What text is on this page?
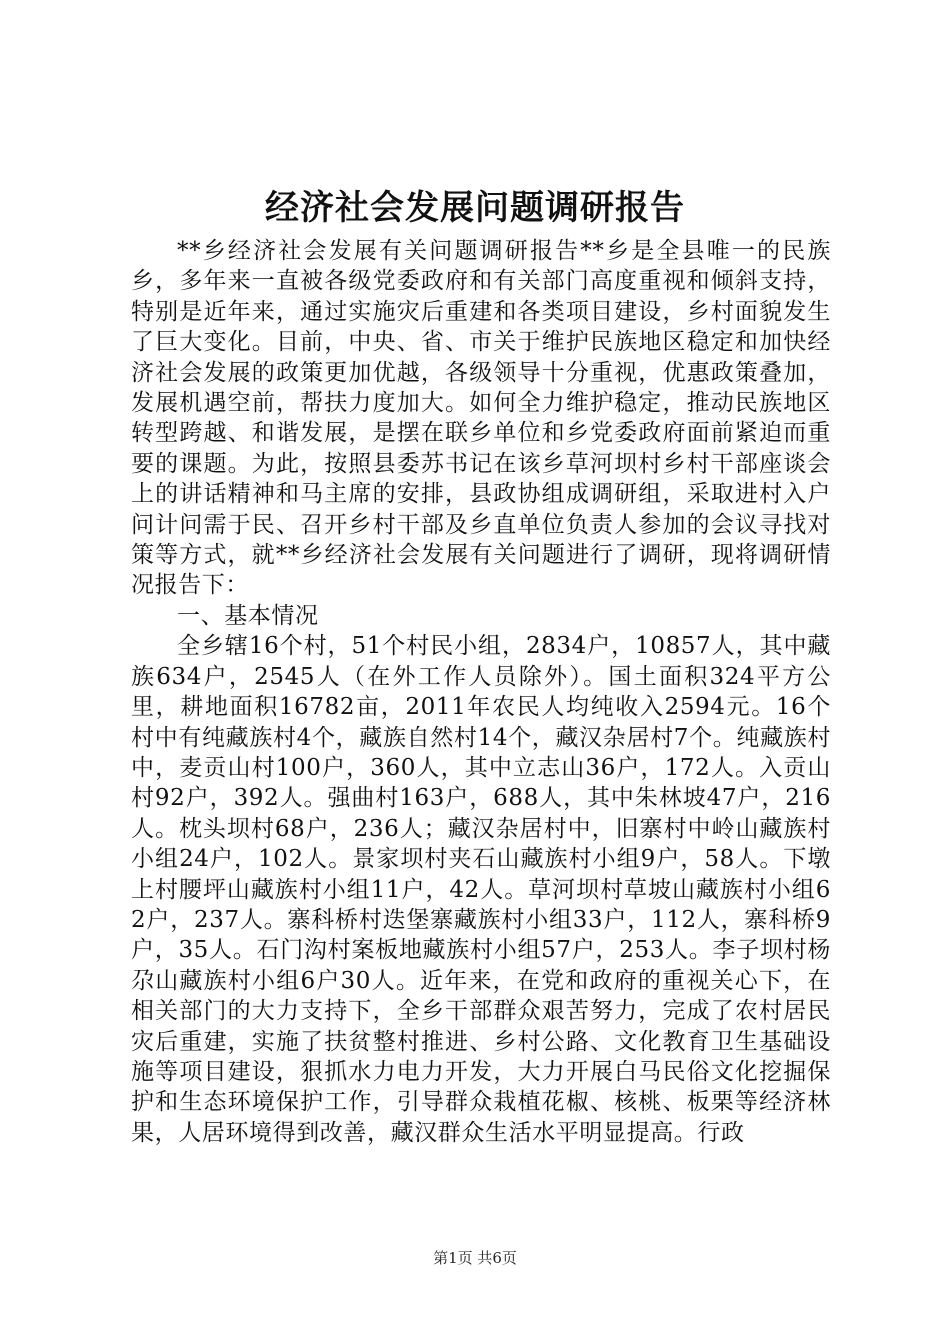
经济社会发展问题调研报告

**乡经济社会发展有关问题调研报告**乡是全县唯一的民族乡，多年来一直被各级党委政府和有关部门高度重视和倾斜支持，特别是近年来，通过实施灾后重建和各类项目建设，乡村面貌发生了巨大变化。目前，中央、省、市关于维护民族地区稳定和加快经济社会发展的政策更加优越，各级领导十分重视，优惠政策叠加，发展机遇空前，帮扶力度加大。如何全力维护稳定，推动民族地区转型跨越、和谐发展，是摆在联乡单位和乡党委政府面前紧迫而重要的课题。为此，按照县委苏书记在该乡草河坝村乡村干部座谈会上的讲话精神和马主席的安排，县政协组成调研组，采取进村入户问计问需于民、召开乡村干部及乡直单位负责人参加的会议寻找对策等方式，就**乡经济社会发展有关问题进行了调研，现将调研情况报告下：

一、基本情况

全乡辖16个村，51个村民小组，2834户，10857人，其中藏族634户，2545人（在外工作人员除外）。国土面积324平方公里，耕地面积16782亩，2011年农民人均纯收入2594元。16个村中有纯藏族村4个，藏族自然村14个，藏汉杂居村7个。纯藏族村中，麦贡山村100户，360人，其中立志山36户，172人。入贡山村92户，392人。强曲村163户，688人，其中朱林坡47户，216人。枕头坝村68户，236人；藏汉杂居村中，旧寨村中岭山藏族村小组24户，102人。景家坝村夹石山藏族村小组9户，58人。下墩上村腰坪山藏族村小组11户，42人。草河坝村草坡山藏族村小组62户，237人。寨科桥村迭堡寨藏族村小组33户，112人，寨科桥9户，35人。石门沟村案板地藏族村小组57户，253人。李子坝村杨尕山藏族村小组6户30人。近年来，在党和政府的重视关心下，在相关部门的大力支持下，全乡干部群众艰苦努力，完成了农村居民灾后重建，实施了扶贫整村推进、乡村公路、文化教育卫生基础设施等项目建设，狠抓水力电力开发，大力开展白马民俗文化挖掘保护和生态环境保护工作，引导群众栽植花椒、核桃、板栗等经济林果，人居环境得到改善，藏汉群众生活水平明显提高。行政

第1页 共6页
